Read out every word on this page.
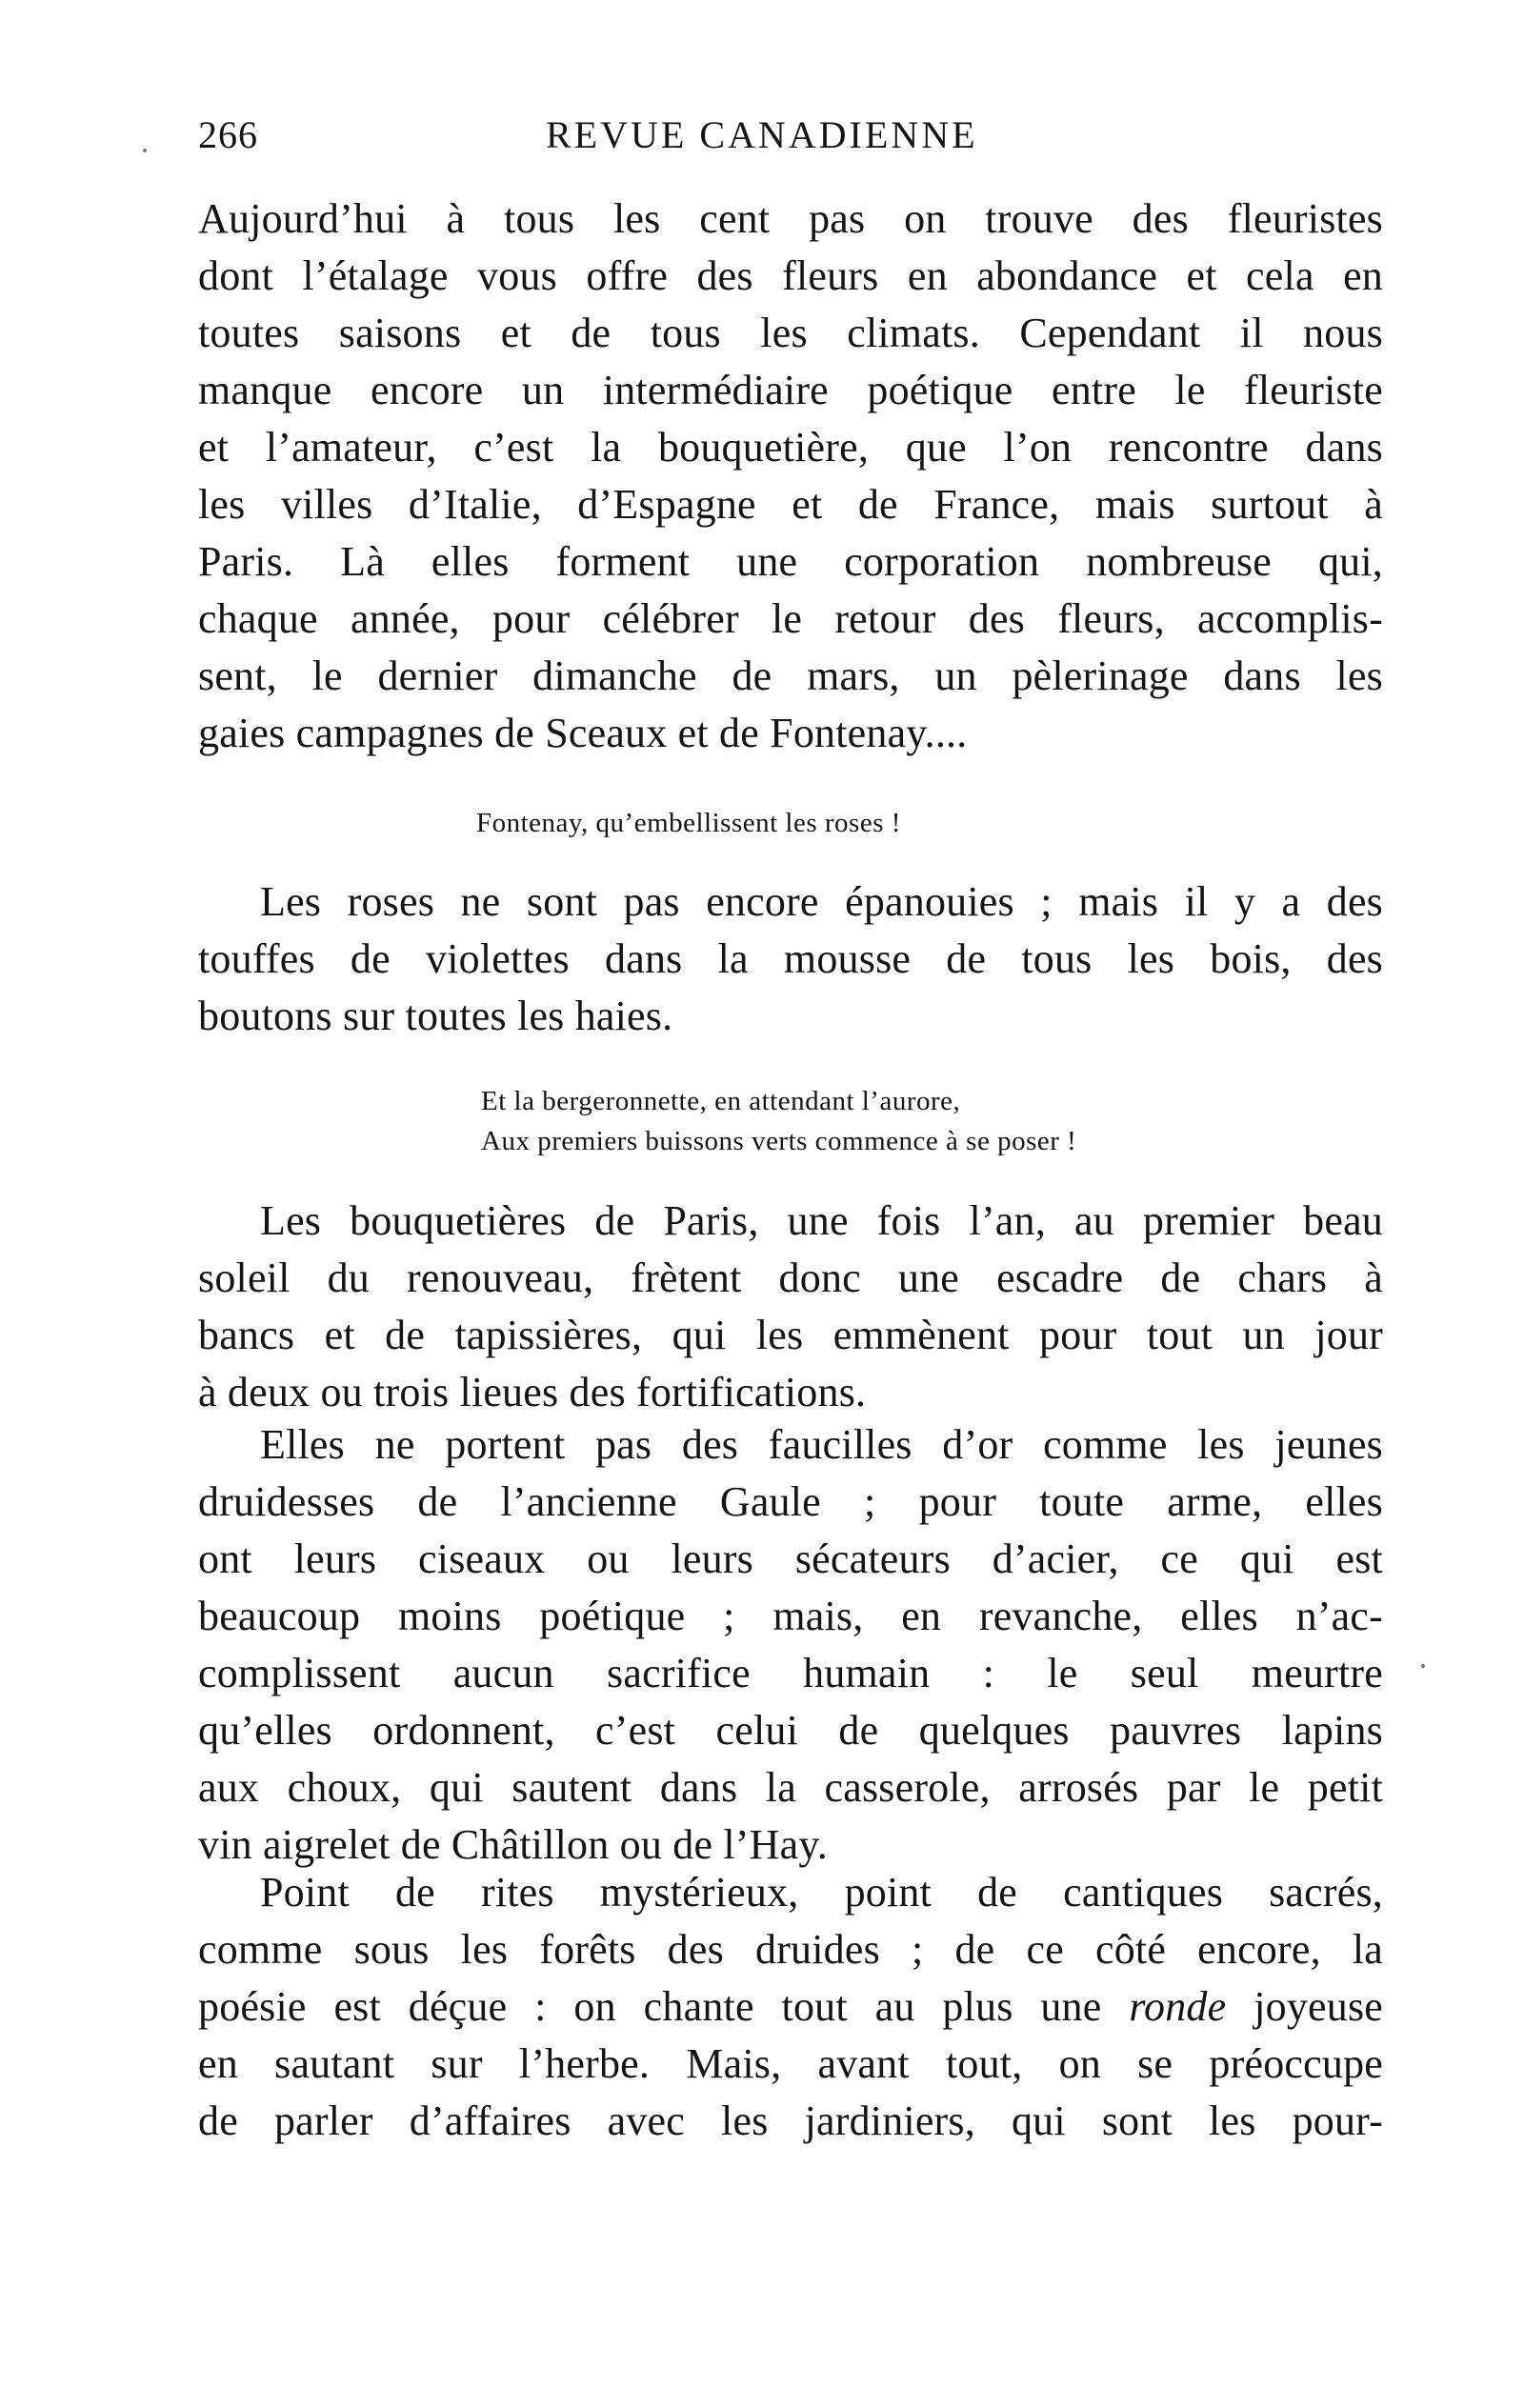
266	REVUE CANADIENNE
Aujourd’hui à tous les cent pas on trouve des fleuristes
dont l’étalage vous offre des fleurs en abondance et cela en
toutes saisons et de tous les climats. Cependant il nous
manque encore un intermédiaire poétique entre le fleuriste
et l’amateur, c’est la bouquetière, que l’on rencontre dans
les villes d’Italie, d’Espagne et de France, mais surtout à
Paris. Là elles forment une corporation nombreuse qui,
chaque année, pour célébrer le retour des fleurs, accomplis-
sent, le dernier dimanche de mars, un pèlerinage dans les
gaies campagnes de Sceaux et de Fontenay....
Fontenay, qu’embellissent les roses !
Les roses ne sont pas encore épanouies ; mais il y a des
touffes de violettes dans la mousse de tous les bois, des
boutons sur toutes les haies.
Et la bergeronnette, en attendant l’aurore,
Aux premiers buissons verts commence à se poser !
Les bouquetières de Paris, une fois l’an, au premier beau
soleil du renouveau, frètent donc une escadre de chars à
bancs et de tapissières, qui les emmènent pour tout un jour
à deux ou trois lieues des fortifications.
Elles ne portent pas des faucilles d’or comme les jeunes
druidesses de l’ancienne Gaule ; pour toute arme, elles
ont leurs ciseaux ou leurs sécateurs d’acier, ce qui est
beaucoup moins poétique ; mais, en revanche, elles n’ac-
complissent aucun sacrifice humain : le seul meurtre
qu’elles ordonnent, c’est celui de quelques pauvres lapins
aux choux, qui sautent dans la casserole, arrosés par le petit
vin aigrelet de Châtillon ou de l’Hay.
Point de rites mystérieux, point de cantiques sacrés,
comme sous les forêts des druides ; de ce côté encore, la
poésie est déçue : on chante tout au plus une ronde joyeuse
en sautant sur l’herbe. Mais, avant tout, on se préoccupe
de parler d’affaires avec les jardiniers, qui sont les pour-
